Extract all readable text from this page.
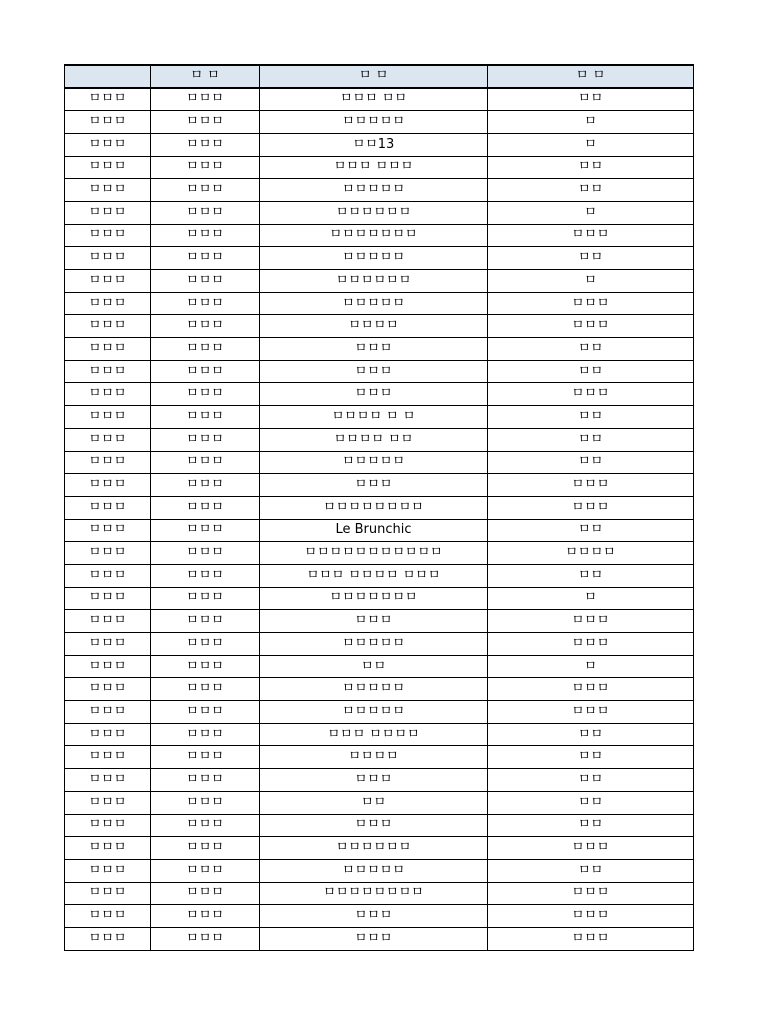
	ㅁ ㅁ	ㅁ ㅁ	ㅁ ㅁ
ㅁㅁㅁ	ㅁㅁㅁ	ㅁㅁㅁ ㅁㅁ	ㅁㅁ
ㅁㅁㅁ	ㅁㅁㅁ	ㅁㅁㅁㅁㅁ	ㅁ
ㅁㅁㅁ	ㅁㅁㅁ	ㅁㅁ13	ㅁ
ㅁㅁㅁ	ㅁㅁㅁ	ㅁㅁㅁ ㅁㅁㅁ	ㅁㅁ
ㅁㅁㅁ	ㅁㅁㅁ	ㅁㅁㅁㅁㅁ	ㅁㅁ
ㅁㅁㅁ	ㅁㅁㅁ	ㅁㅁㅁㅁㅁㅁ	ㅁ
ㅁㅁㅁ	ㅁㅁㅁ	ㅁㅁㅁㅁㅁㅁㅁ	ㅁㅁㅁ
ㅁㅁㅁ	ㅁㅁㅁ	ㅁㅁㅁㅁㅁ	ㅁㅁ
ㅁㅁㅁ	ㅁㅁㅁ	ㅁㅁㅁㅁㅁㅁ	ㅁ
ㅁㅁㅁ	ㅁㅁㅁ	ㅁㅁㅁㅁㅁ	ㅁㅁㅁ
ㅁㅁㅁ	ㅁㅁㅁ	ㅁㅁㅁㅁ	ㅁㅁㅁ
ㅁㅁㅁ	ㅁㅁㅁ	ㅁㅁㅁ	ㅁㅁ
ㅁㅁㅁ	ㅁㅁㅁ	ㅁㅁㅁ	ㅁㅁ
ㅁㅁㅁ	ㅁㅁㅁ	ㅁㅁㅁ	ㅁㅁㅁ
ㅁㅁㅁ	ㅁㅁㅁ	ㅁㅁㅁㅁ ㅁ ㅁ	ㅁㅁ
ㅁㅁㅁ	ㅁㅁㅁ	ㅁㅁㅁㅁ ㅁㅁ	ㅁㅁ
ㅁㅁㅁ	ㅁㅁㅁ	ㅁㅁㅁㅁㅁ	ㅁㅁ
ㅁㅁㅁ	ㅁㅁㅁ	ㅁㅁㅁ	ㅁㅁㅁ
ㅁㅁㅁ	ㅁㅁㅁ	ㅁㅁㅁㅁㅁㅁㅁㅁ	ㅁㅁㅁ
ㅁㅁㅁ	ㅁㅁㅁ	Le Brunchic	ㅁㅁ
ㅁㅁㅁ	ㅁㅁㅁ	ㅁㅁㅁㅁㅁㅁㅁㅁㅁㅁㅁ	ㅁㅁㅁㅁ
ㅁㅁㅁ	ㅁㅁㅁ	ㅁㅁㅁ ㅁㅁㅁㅁ ㅁㅁㅁ	ㅁㅁ
ㅁㅁㅁ	ㅁㅁㅁ	ㅁㅁㅁㅁㅁㅁㅁ	ㅁ
ㅁㅁㅁ	ㅁㅁㅁ	ㅁㅁㅁ	ㅁㅁㅁ
ㅁㅁㅁ	ㅁㅁㅁ	ㅁㅁㅁㅁㅁ	ㅁㅁㅁ
ㅁㅁㅁ	ㅁㅁㅁ	ㅁㅁ	ㅁ
ㅁㅁㅁ	ㅁㅁㅁ	ㅁㅁㅁㅁㅁ	ㅁㅁㅁ
ㅁㅁㅁ	ㅁㅁㅁ	ㅁㅁㅁㅁㅁ	ㅁㅁㅁ
ㅁㅁㅁ	ㅁㅁㅁ	ㅁㅁㅁ ㅁㅁㅁㅁ	ㅁㅁ
ㅁㅁㅁ	ㅁㅁㅁ	ㅁㅁㅁㅁ	ㅁㅁ
ㅁㅁㅁ	ㅁㅁㅁ	ㅁㅁㅁ	ㅁㅁ
ㅁㅁㅁ	ㅁㅁㅁ	ㅁㅁ	ㅁㅁ
ㅁㅁㅁ	ㅁㅁㅁ	ㅁㅁㅁ	ㅁㅁ
ㅁㅁㅁ	ㅁㅁㅁ	ㅁㅁㅁㅁㅁㅁ	ㅁㅁㅁ
ㅁㅁㅁ	ㅁㅁㅁ	ㅁㅁㅁㅁㅁ	ㅁㅁ
ㅁㅁㅁ	ㅁㅁㅁ	ㅁㅁㅁㅁㅁㅁㅁㅁ	ㅁㅁㅁ
ㅁㅁㅁ	ㅁㅁㅁ	ㅁㅁㅁ	ㅁㅁㅁ
ㅁㅁㅁ	ㅁㅁㅁ	ㅁㅁㅁ	ㅁㅁㅁ
